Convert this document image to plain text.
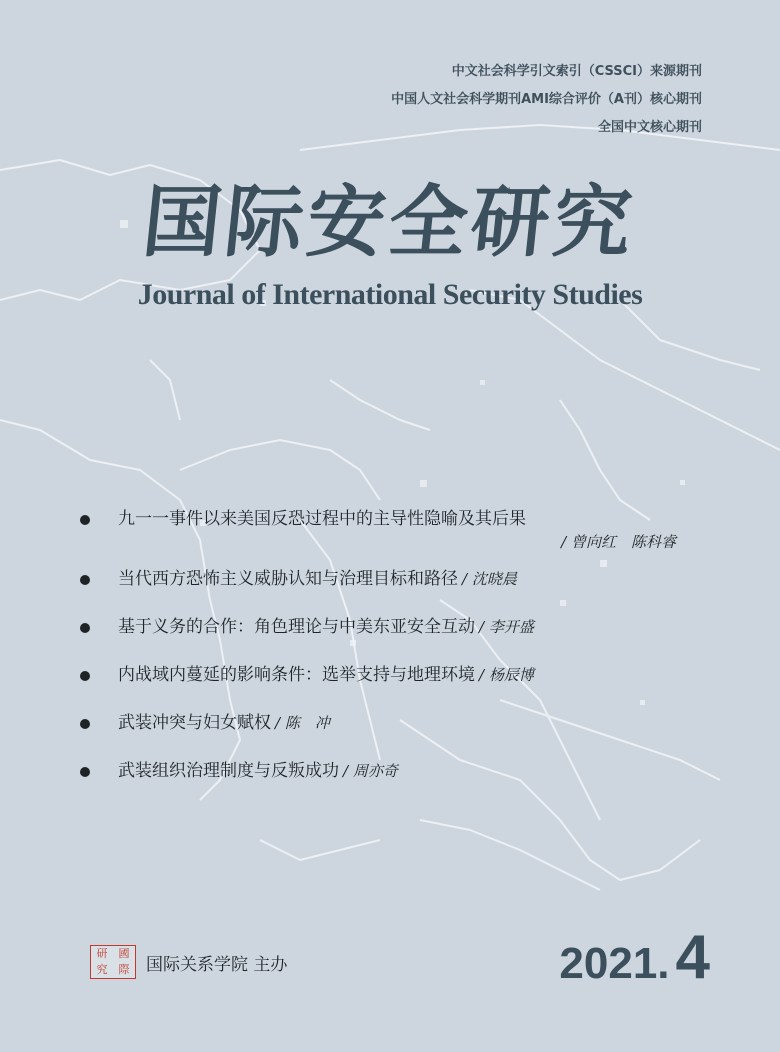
中文社会科学引文索引（CSSCI）来源期刊
中国人文社会科学期刊AMI综合评价（A刊）核心期刊
全国中文核心期刊
国际安全研究
Journal of International Security Studies
九一一事件以来美国反恐过程中的主导性隐喻及其后果
/ 曾向红　陈科睿
当代西方恐怖主义威胁认知与治理目标和路径 / 沈晓晨
基于义务的合作：角色理论与中美东亚安全互动 / 李开盛
内战域内蔓延的影响条件：选举支持与地理环境 / 杨辰博
武装冲突与妇女赋权 / 陈　冲
武装组织治理制度与反叛成功 / 周亦奇
研	國
究	際 国际关系学院 主办	2021.4
